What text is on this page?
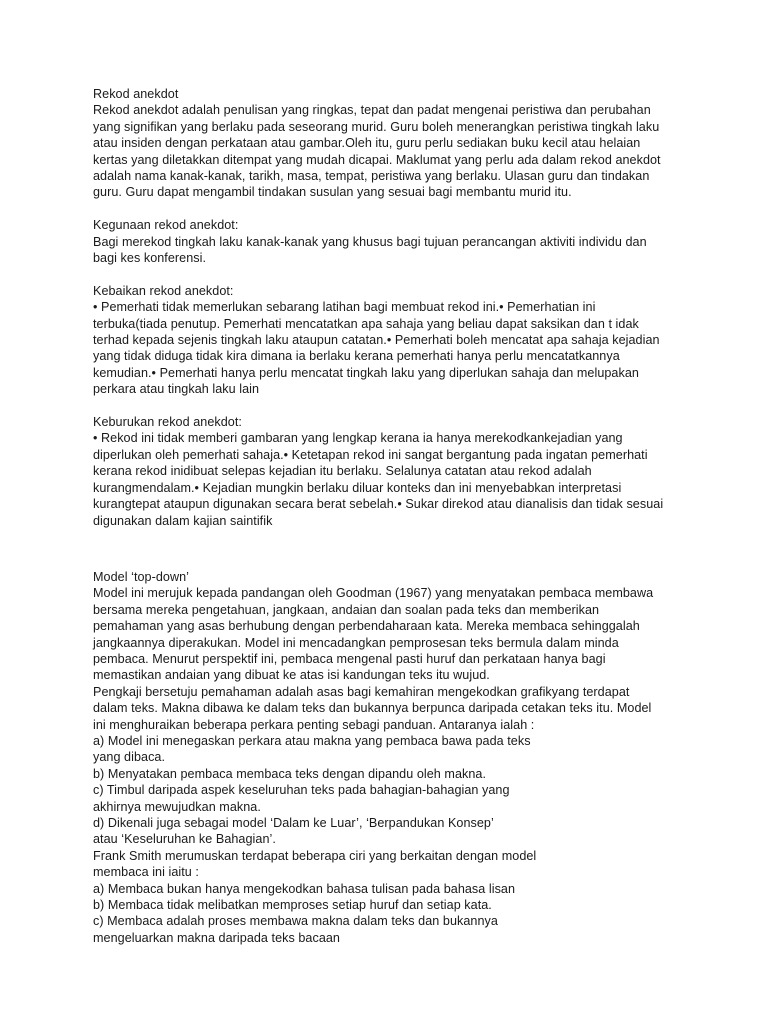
Rekod anekdot
Rekod anekdot adalah penulisan yang ringkas, tepat dan padat mengenai peristiwa dan perubahan
yang signifikan yang berlaku pada seseorang murid. Guru boleh menerangkan peristiwa tingkah laku
atau insiden dengan perkataan atau gambar.Oleh itu, guru perlu sediakan buku kecil atau helaian
kertas yang diletakkan ditempat yang mudah dicapai. Maklumat yang perlu ada dalam rekod anekdot
adalah nama kanak-kanak, tarikh, masa, tempat, peristiwa yang berlaku. Ulasan guru dan tindakan
guru. Guru dapat mengambil tindakan susulan yang sesuai bagi membantu murid itu.
Kegunaan rekod anekdot:
Bagi merekod tingkah laku kanak-kanak yang khusus bagi tujuan perancangan aktiviti individu dan
bagi kes konferensi.
Kebaikan rekod anekdot:
• Pemerhati tidak memerlukan sebarang latihan bagi membuat rekod ini.• Pemerhatian ini
terbuka(tiada penutup. Pemerhati mencatatkan apa sahaja yang beliau dapat saksikan dan t idak
terhad kepada sejenis tingkah laku ataupun catatan.• Pemerhati boleh mencatat apa sahaja kejadian
yang tidak diduga tidak kira dimana ia berlaku kerana pemerhati hanya perlu mencatatkannya
kemudian.• Pemerhati hanya perlu mencatat tingkah laku yang diperlukan sahaja dan melupakan
perkara atau tingkah laku lain
Keburukan rekod anekdot:
• Rekod ini tidak memberi gambaran yang lengkap kerana ia hanya merekodkankejadian yang
diperlukan oleh pemerhati sahaja.• Ketetapan rekod ini sangat bergantung pada ingatan pemerhati
kerana rekod inidibuat selepas kejadian itu berlaku. Selalunya catatan atau rekod adalah
kurangmendalam.• Kejadian mungkin berlaku diluar konteks dan ini menyebabkan interpretasi
kurangtepat ataupun digunakan secara berat sebelah.• Sukar direkod atau dianalisis dan tidak sesuai
digunakan dalam kajian saintifik
Model ‘top-down’
Model ini merujuk kepada pandangan oleh Goodman (1967) yang menyatakan pembaca membawa
bersama mereka pengetahuan, jangkaan, andaian dan soalan pada teks dan memberikan
pemahaman yang asas berhubung dengan perbendaharaan kata. Mereka membaca sehinggalah
jangkaannya diperakukan. Model ini mencadangkan pemprosesan teks bermula dalam minda
pembaca. Menurut perspektif ini, pembaca mengenal pasti huruf dan perkataan hanya bagi
memastikan andaian yang dibuat ke atas isi kandungan teks itu wujud.
Pengkaji bersetuju pemahaman adalah asas bagi kemahiran mengekodkan grafikyang terdapat
dalam teks. Makna dibawa ke dalam teks dan bukannya berpunca daripada cetakan teks itu. Model
ini menghuraikan beberapa perkara penting sebagi panduan. Antaranya ialah :
a) Model ini menegaskan perkara atau makna yang pembaca bawa pada teks
yang dibaca.
b) Menyatakan pembaca membaca teks dengan dipandu oleh makna.
c) Timbul daripada aspek keseluruhan teks pada bahagian-bahagian yang
akhirnya mewujudkan makna.
d) Dikenali juga sebagai model ‘Dalam ke Luar’, ‘Berpandukan Konsep’
atau ‘Keseluruhan ke Bahagian’.
Frank Smith merumuskan terdapat beberapa ciri yang berkaitan dengan model
membaca ini iaitu :
a) Membaca bukan hanya mengekodkan bahasa tulisan pada bahasa lisan
b) Membaca tidak melibatkan memproses setiap huruf dan setiap kata.
c) Membaca adalah proses membawa makna dalam teks dan bukannya
mengeluarkan makna daripada teks bacaan
